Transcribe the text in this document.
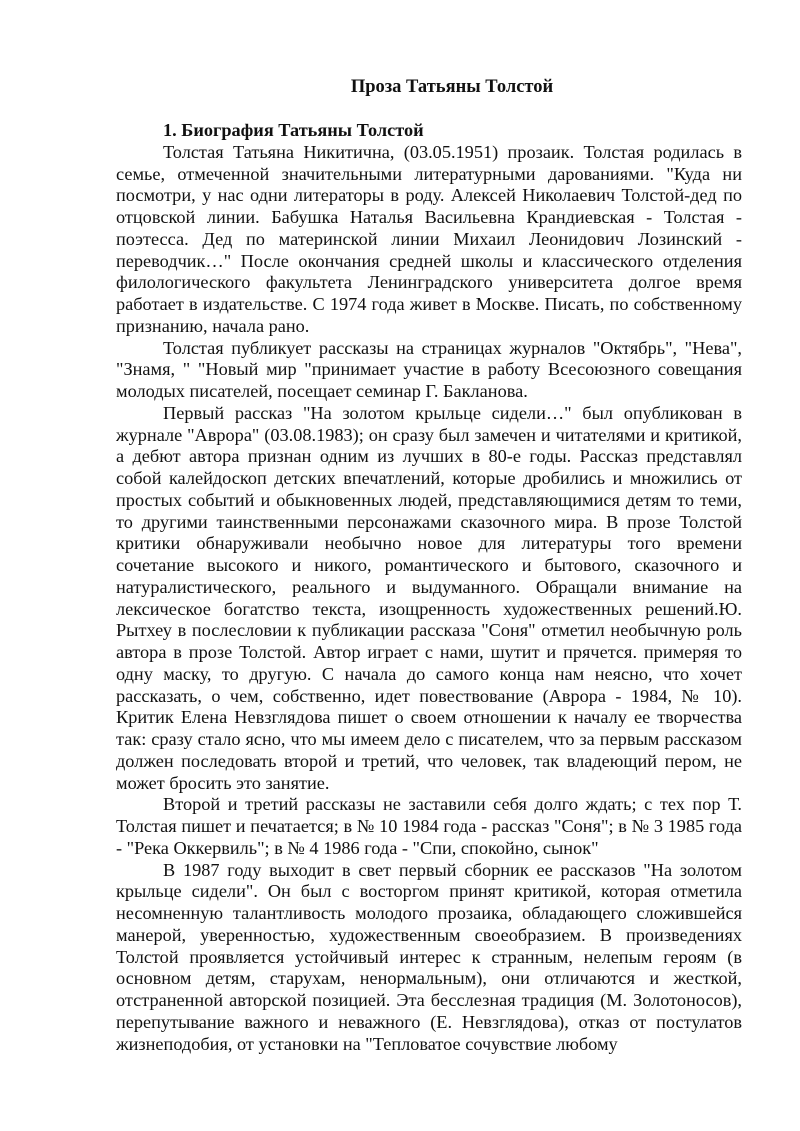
Проза Татьяны Толстой

1. Биография Татьяны Толстой

Толстая Татьяна Никитична, (03.05.1951) прозаик. Толстая родилась в семье, отмеченной значительными литературными дарованиями. "Куда ни посмотри, у нас одни литераторы в роду. Алексей Николаевич Толстой-дед по отцовской линии. Бабушка Наталья Васильевна Крандиевская - Толстая - поэтесса. Дед по материнской линии Михаил Леонидович Лозинский - переводчик…" После окончания средней школы и классического отделения филологического факультета Ленинградского университета долгое время работает в издательстве. С 1974 года живет в Москве. Писать, по собственному признанию, начала рано.

Толстая публикует рассказы на страницах журналов "Октябрь", "Нева", "Знамя, " "Новый мир "принимает участие в работу Всесоюзного совещания молодых писателей, посещает семинар Г. Бакланова.

Первый рассказ "На золотом крыльце сидели…" был опубликован в журнале "Аврора" (03.08.1983); он сразу был замечен и читателями и критикой, а дебют автора признан одним из лучших в 80-е годы. Рассказ представлял собой калейдоскоп детских впечатлений, которые дробились и множились от простых событий и обыкновенных людей, представляющимися детям то теми, то другими таинственными персонажами сказочного мира. В прозе Толстой критики обнаруживали необычно новое для литературы того времени сочетание высокого и никого, романтического и бытового, сказочного и натуралистического, реального и выдуманного. Обращали внимание на лексическое богатство текста, изощренность художественных решений.Ю. Рытхеу в послесловии к публикации рассказа "Соня" отметил необычную роль автора в прозе Толстой. Автор играет с нами, шутит и прячется. примеряя то одну маску, то другую. С начала до самого конца нам неясно, что хочет рассказать, о чем, собственно, идет повествование (Аврора - 1984, № 10). Критик Елена Невзглядова пишет о своем отношении к началу ее творчества так: сразу стало ясно, что мы имеем дело с писателем, что за первым рассказом должен последовать второй и третий, что человек, так владеющий пером, не может бросить это занятие.

Второй и третий рассказы не заставили себя долго ждать; с тех пор Т. Толстая пишет и печатается; в № 10 1984 года - рассказ "Соня"; в № 3 1985 года - "Река Оккервиль"; в № 4 1986 года - "Спи, спокойно, сынок"

В 1987 году выходит в свет первый сборник ее рассказов "На золотом крыльце сидели". Он был с восторгом принят критикой, которая отметила несомненную талантливость молодого прозаика, обладающего сложившейся манерой, уверенностью, художественным своеобразием. В произведениях Толстой проявляется устойчивый интерес к странным, нелепым героям (в основном детям, старухам, ненормальным), они отличаются и жесткой, отстраненной авторской позицией. Эта бесслезная традиция (М. Золотоносов), перепутывание важного и неважного (Е. Невзглядова), отказ от постулатов жизнеподобия, от установки на "Тепловатое сочувствие любому
